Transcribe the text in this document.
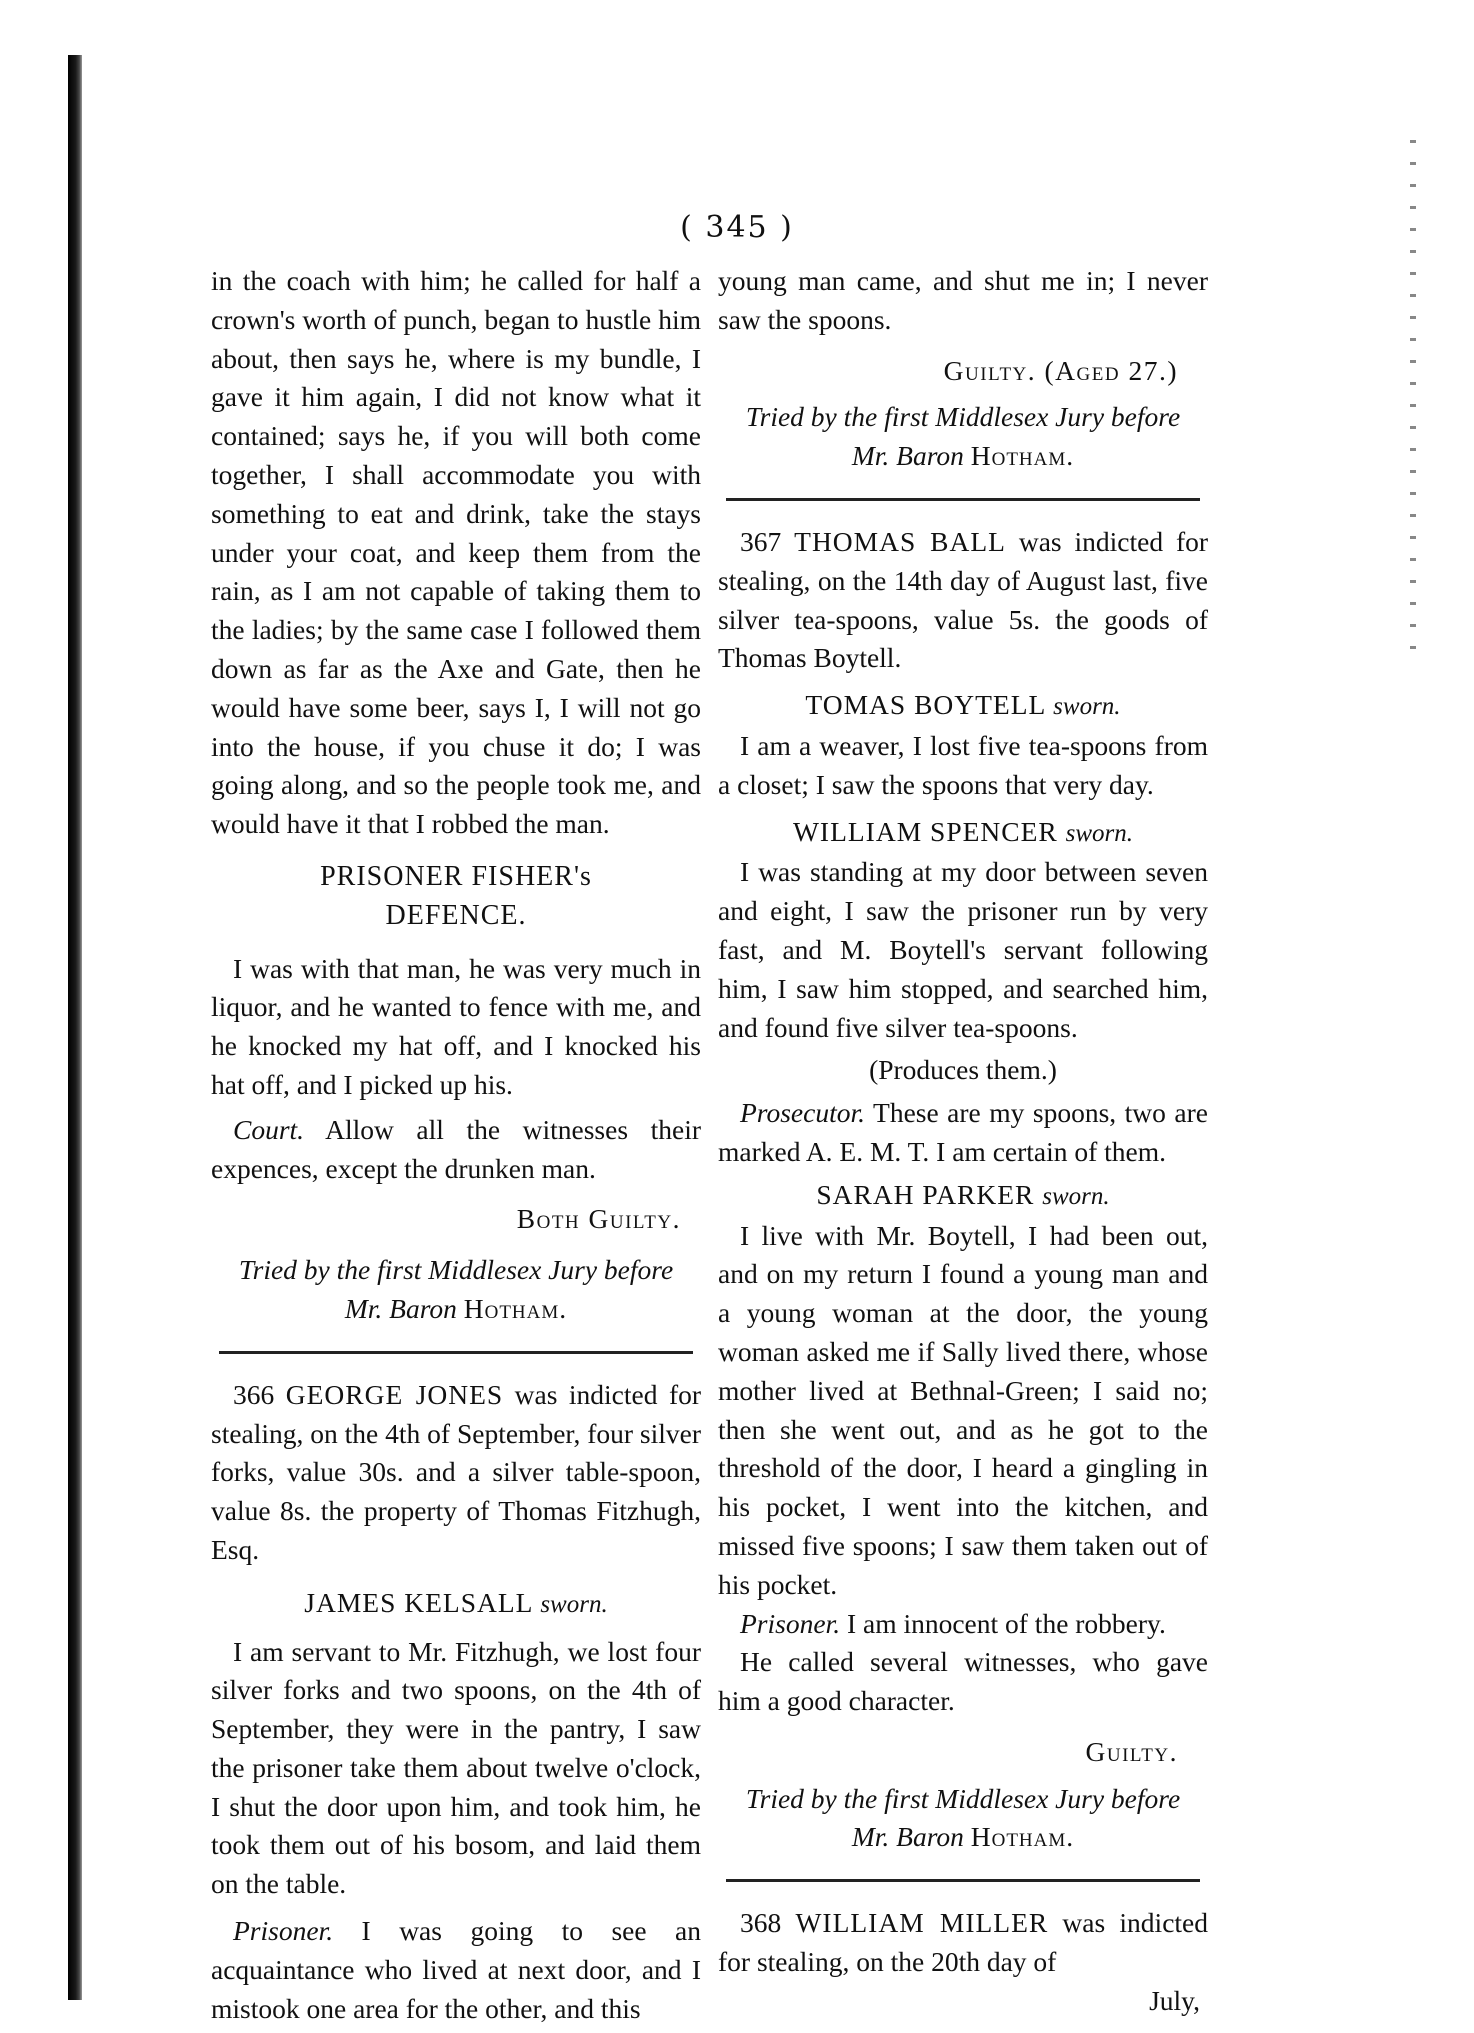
( 345 )

in the coach with him; he called for half a crown's worth of punch, began to hustle him about, then says he, where is my bundle, I gave it him again, I did not know what it contained; says he, if you will both come together, I shall accommodate you with something to eat and drink, take the stays under your coat, and keep them from the rain, as I am not capable of taking them to the ladies; by the same case I followed them down as far as the Axe and Gate, then he would have some beer, says I, I will not go into the house, if you chuse it do; I was going along, and so the people took me, and would have it that I robbed the man.

PRISONER FISHER's

DEFENCE.

I was with that man, he was very much in liquor, and he wanted to fence with me, and he knocked my hat off, and I knocked his hat off, and I picked up his.

Court. Allow all the witnesses their expences, except the drunken man.

Both Guilty.

Tried by the first Middlesex Jury before

Mr. Baron Hotham.

366 GEORGE JONES was indicted for stealing, on the 4th of September, four silver forks, value 30s. and a silver table-spoon, value 8s. the property of Thomas Fitzhugh, Esq.

JAMES KELSALL sworn.

I am servant to Mr. Fitzhugh, we lost four silver forks and two spoons, on the 4th of September, they were in the pantry, I saw the prisoner take them about twelve o'clock, I shut the door upon him, and took him, he took them out of his bosom, and laid them on the table.

Prisoner. I was going to see an acquaintance who lived at next door, and I mistook one area for the other, and this

young man came, and shut me in; I never saw the spoons.

Guilty. (Aged 27.)

Tried by the first Middlesex Jury before

Mr. Baron Hotham.

367 THOMAS BALL was indicted for stealing, on the 14th day of August last, five silver tea-spoons, value 5s. the goods of Thomas Boytell.

TOMAS BOYTELL sworn.

I am a weaver, I lost five tea-spoons from a closet; I saw the spoons that very day.

WILLIAM SPENCER sworn.

I was standing at my door between seven and eight, I saw the prisoner run by very fast, and M. Boytell's servant following him, I saw him stopped, and searched him, and found five silver tea-spoons.

(Produces them.)

Prosecutor. These are my spoons, two are marked A. E. M. T. I am certain of them.

SARAH PARKER sworn.

I live with Mr. Boytell, I had been out, and on my return I found a young man and a young woman at the door, the young woman asked me if Sally lived there, whose mother lived at Bethnal-Green; I said no; then she went out, and as he got to the threshold of the door, I heard a gingling in his pocket, I went into the kitchen, and missed five spoons; I saw them taken out of his pocket.

Prisoner. I am innocent of the robbery.

He called several witnesses, who gave him a good character.

Guilty.

Tried by the first Middlesex Jury before

Mr. Baron Hotham.

368 WILLIAM MILLER was indicted for stealing, on the 20th day of

July,
